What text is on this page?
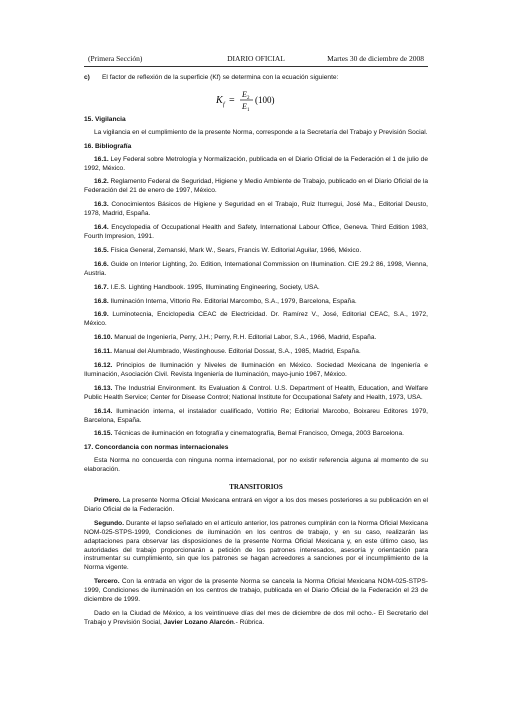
(Primera Sección)	DIARIO OFICIAL	Martes 30 de diciembre de 2008
c)	El factor de reflexión de la superficie (Kf) se determina con la ecuación siguiente:
K f =
E 2
E 1
(100)
15. Vigilancia
La vigilancia en el cumplimiento de la presente Norma, corresponde a la Secretaría del Trabajo y Previsión Social.
16. Bibliografía
16.1. Ley Federal sobre Metrología y Normalización, publicada en el Diario Oficial de la Federación el 1 de julio de 1992, México.
16.2. Reglamento Federal de Seguridad, Higiene y Medio Ambiente de Trabajo, publicado en el Diario Oficial de la Federación del 21 de enero de 1997, México.
16.3. Conocimientos Básicos de Higiene y Seguridad en el Trabajo, Ruiz Iturregui, José Ma., Editorial Deusto, 1978, Madrid, España.
16.4. Encyclopedia of Occupational Health and Safety, International Labour Office, Geneva. Third Edition 1983, Fourth Impresion, 1991.
16.5. Física General, Zemanski, Mark W., Sears, Francis W. Editorial Aguilar, 1966, México.
16.6. Guide on Interior Lighting, 2o. Edition, International Commission on Illumination. CIE 29.2 86, 1998, Vienna, Austria.
16.7. I.E.S. Lighting Handbook. 1995, Illuminating Engineering, Society, USA.
16.8. Iluminación Interna, Vittorio Re. Editorial Marcombo, S.A., 1979, Barcelona, España.
16.9. Luminotecnia, Enciclopedia CEAC de Electricidad. Dr. Ramírez V., José, Editorial CEAC, S.A., 1972, México.
16.10. Manual de Ingeniería, Perry, J.H.; Perry, R.H. Editorial Labor, S.A., 1966, Madrid, España.
16.11. Manual del Alumbrado, Westinghouse. Editorial Dossat, S.A., 1985, Madrid, España.
16.12. Principios de Iluminación y Niveles de Iluminación en México. Sociedad Mexicana de Ingeniería e Iluminación, Asociación Civil. Revista Ingeniería de Iluminación, mayo-junio 1967, México.
16.13. The Industrial Environment. Its Evaluation & Control. U.S. Department of Health, Education, and Welfare Public Health Service; Center for Disease Control; National Institute for Occupational Safety and Health, 1973, USA.
16.14. Iluminación interna, el instalador cualificado, Vottirio Re; Editorial Marcobo, Boixareu Editores 1979, Barcelona, España.
16.15. Técnicas de iluminación en fotografía y cinematografía, Bernal Francisco, Omega, 2003 Barcelona.
17. Concordancia con normas internacionales
Esta Norma no concuerda con ninguna norma internacional, por no existir referencia alguna al momento de su elaboración.
TRANSITORIOS
Primero. La presente Norma Oficial Mexicana entrará en vigor a los dos meses posteriores a su publicación en el Diario Oficial de la Federación.
Segundo. Durante el lapso señalado en el artículo anterior, los patrones cumplirán con la Norma Oficial Mexicana NOM-025-STPS-1999, Condiciones de iluminación en los centros de trabajo, y en su caso, realizarán las adaptaciones para observar las disposiciones de la presente Norma Oficial Mexicana y, en este último caso, las autoridades del trabajo proporcionarán a petición de los patrones interesados, asesoría y orientación para instrumentar su cumplimiento, sin que los patrones se hagan acreedores a sanciones por el incumplimiento de la Norma vigente.
Tercero. Con la entrada en vigor de la presente Norma se cancela la Norma Oficial Mexicana NOM-025-STPS-1999, Condiciones de iluminación en los centros de trabajo, publicada en el Diario Oficial de la Federación el 23 de diciembre de 1999.
Dado en la Ciudad de México, a los veintinueve días del mes de diciembre de dos mil ocho.- El Secretario del Trabajo y Previsión Social, Javier Lozano Alarcón.- Rúbrica.
